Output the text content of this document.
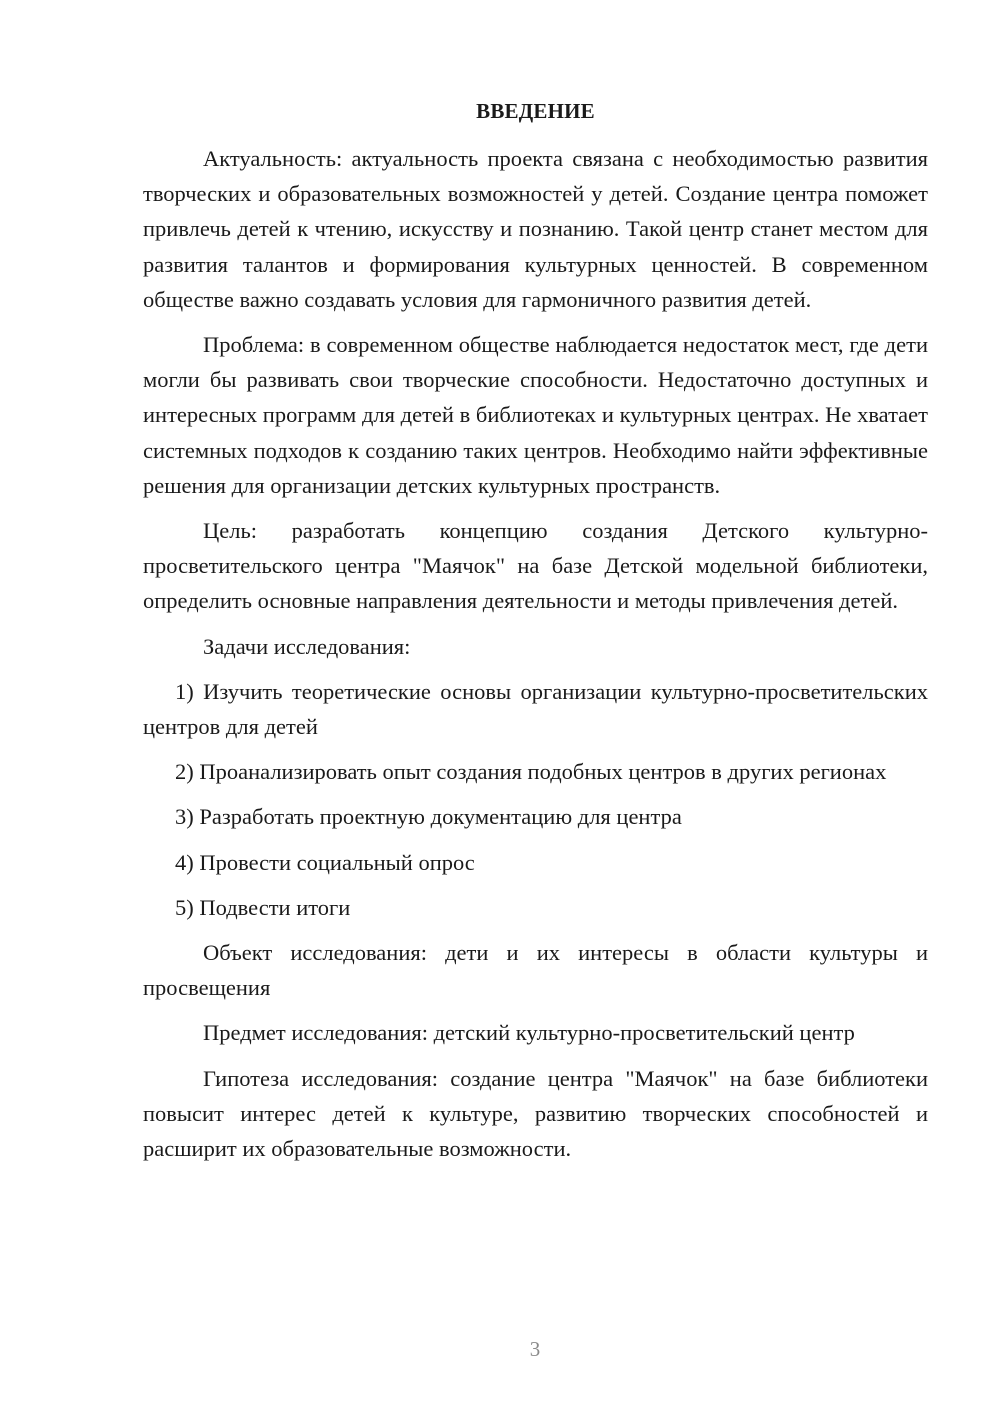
ВВЕДЕНИЕ

Актуальность: актуальность проекта связана с необходимостью развития творческих и образовательных возможностей у детей. Создание центра поможет привлечь детей к чтению, искусству и познанию. Такой центр станет местом для развития талантов и формирования культурных ценностей. В современном обществе важно создавать условия для гармоничного развития детей.

Проблема: в современном обществе наблюдается недостаток мест, где дети могли бы развивать свои творческие способности. Недостаточно доступных и интересных программ для детей в библиотеках и культурных центрах. Не хватает системных подходов к созданию таких центров. Необходимо найти эффективные решения для организации детских культурных пространств.

Цель: разработать концепцию создания Детского культурно-просветительского центра "Маячок" на базе Детской модельной библиотеки, определить основные направления деятельности и методы привлечения детей.

Задачи исследования:

1) Изучить теоретические основы организации культурно-просветительских центров для детей

2) Проанализировать опыт создания подобных центров в других регионах

3) Разработать проектную документацию для центра

4) Провести социальный опрос

5) Подвести итоги

Объект исследования: дети и их интересы в области культуры и просвещения

Предмет исследования: детский культурно-просветительский центр

Гипотеза исследования: создание центра "Маячок" на базе библиотеки повысит интерес детей к культуре, развитию творческих способностей и расширит их образовательные возможности.

3
